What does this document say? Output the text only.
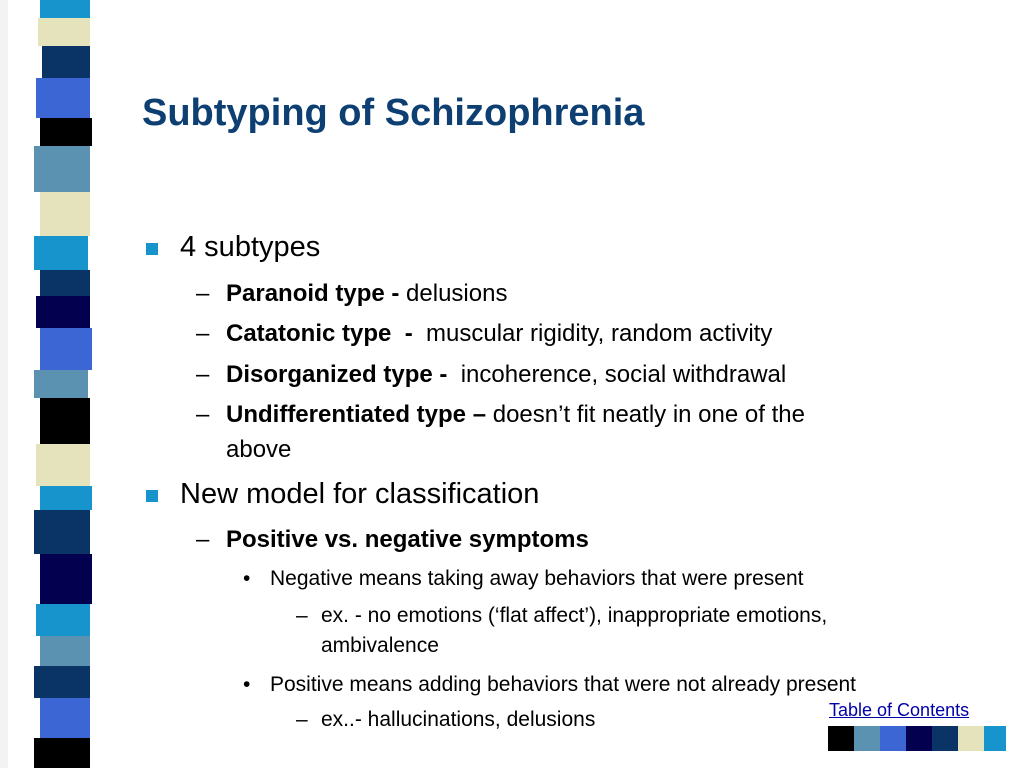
Subtyping of Schizophrenia
4 subtypes
– Paranoid type - delusions
– Catatonic type  -  muscular rigidity, random activity
– Disorganized type -  incoherence, social withdrawal
– Undifferentiated type – doesn’t fit neatly in one of the
above
New model for classification
– Positive vs. negative symptoms
• Negative means taking away behaviors that were present
– ex. - no emotions (‘flat affect’), inappropriate emotions,
ambivalence
• Positive means adding behaviors that were not already present
– ex..- hallucinations, delusions	Table of Contents
